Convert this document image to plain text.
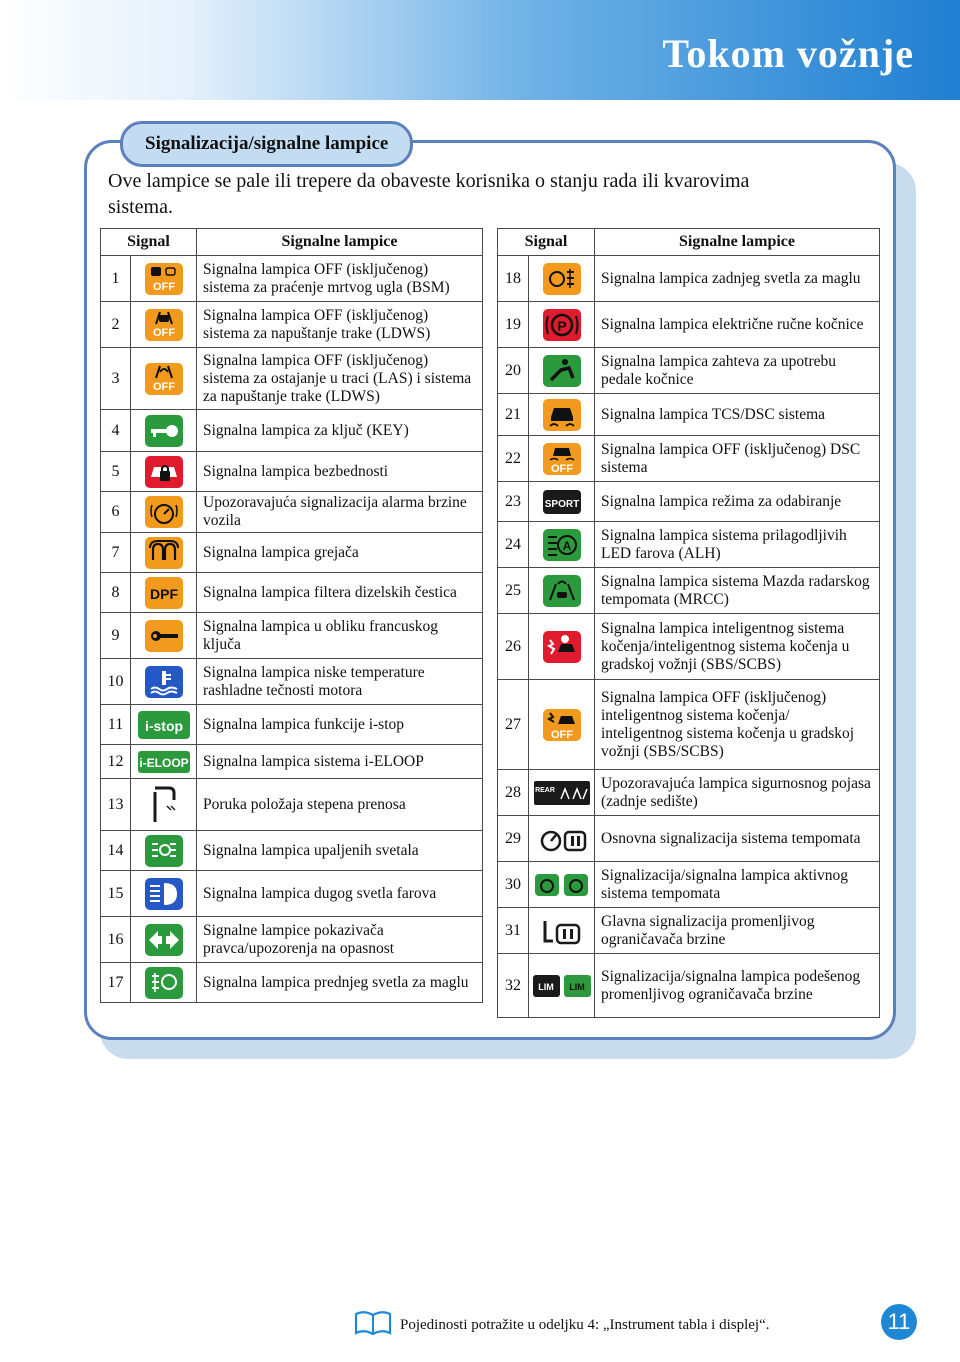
Tokom vožnje
Signalizacija/signalne lampice

Ove lampice se pale ili trepere da obaveste korisnika o stanju rada ili kvarovima sistema.

Signal		Signalne lampice
1	OFF	Signalna lampica OFF (isključenog) sistema za praćenje mrtvog ugla (BSM)
2	OFF	Signalna lampica OFF (isključenog) sistema za napuštanje trake (LDWS)
3	OFF	Signalna lampica OFF (isključenog) sistema za ostajanje u traci (LAS) i sistema za napuštanje trake (LDWS)
4		Signalna lampica za ključ (KEY)
5		Signalna lampica bezbednosti
6		Upozoravajuća signalizacija alarma brzine vozila
7		Signalna lampica grejača
8	DPF	Signalna lampica filtera dizelskih čestica
9		Signalna lampica u obliku francuskog ključa
10		Signalna lampica niske temperature rashladne tečnosti motora
11	i-stop	Signalna lampica funkcije i-stop
12	i-ELOOP	Signalna lampica sistema i-ELOOP
13		Poruka položaja stepena prenosa
14		Signalna lampica upaljenih svetala
15		Signalna lampica dugog svetla farova
16		Signalne lampice pokazivača pravca/upozorenja na opasnost
17		Signalna lampica prednjeg svetla za maglu
Signal		Signalne lampice
18		Signalna lampica zadnjeg svetla za maglu
19	P	Signalna lampica električne ručne kočnice
20		Signalna lampica zahteva za upotrebu pedale kočnice
21		Signalna lampica TCS/DSC sistema
22	OFF	Signalna lampica OFF (isključenog) DSC sistema
23	SPORT	Signalna lampica režima za odabiranje
24	A	Signalna lampica sistema prilagodljivih LED farova (ALH)
25		Signalna lampica sistema Mazda radarskog tempomata (MRCC)
26		Signalna lampica inteligentnog sistema kočenja/inteligentnog sistema kočenja u gradskoj vožnji (SBS/SCBS)
27	OFF	Signalna lampica OFF (isključenog) inteligentnog sistema kočenja/ inteligentnog sistema kočenja u gradskoj vožnji (SBS/SCBS)
28	REAR	Upozoravajuća lampica sigurnosnog pojasa (zadnje sedište)
29		Osnovna signalizacija sistema tempomata
30		Signalizacija/signalna lampica aktivnog sistema tempomata
31		Glavna signalizacija promenljivog ograničavača brzine
32	LIM LIM	Signalizacija/signalna lampica podešenog promenljivog ograničavača brzine
Pojedinosti potražite u odeljku 4: „Instrument tabla i displej“.	11
